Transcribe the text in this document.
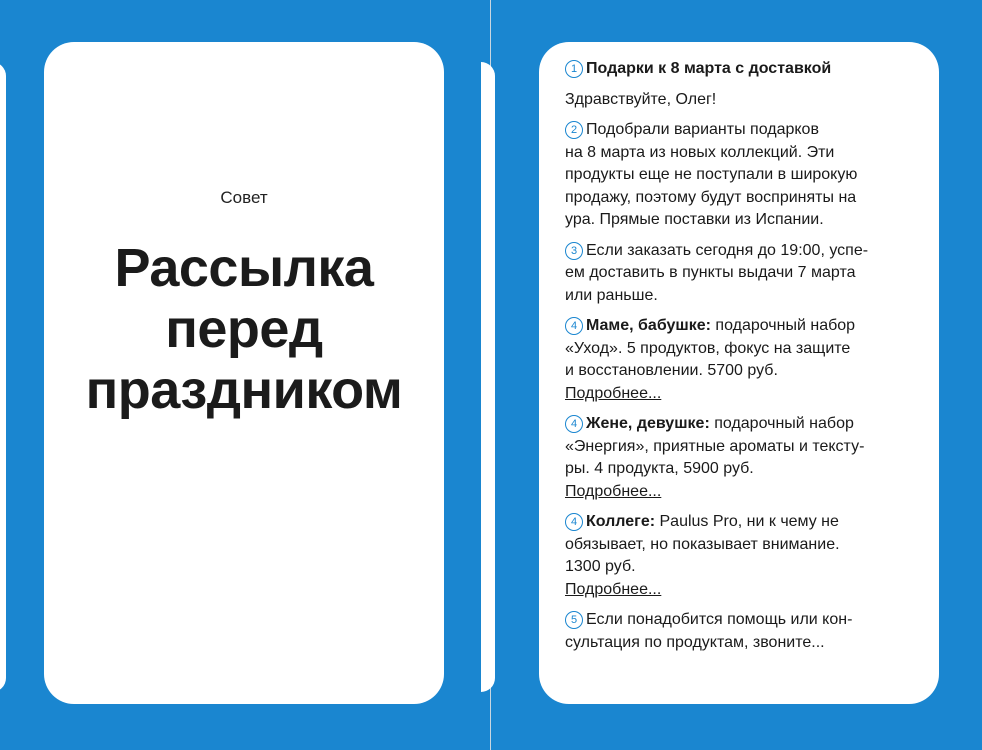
Совет
Рассылка
перед
праздником
1 Подарки к 8 марта с доставкой
Здравствуйте, Олег!
2 Подобрали варианты подарков
на 8 марта из новых коллекций. Эти
продукты еще не поступали в широкую
продажу, поэтому будут восприняты на
ура. Прямые поставки из Испании.
3 Если заказать сегодня до 19:00, успе-
ем доставить в пункты выдачи 7 марта
или раньше.
4 Маме, бабушке: подарочный набор
«Уход». 5 продуктов, фокус на защите
и восстановлении. 5700 руб.
Подробнее...
4 Жене, девушке: подарочный набор
«Энергия», приятные ароматы и тексту-
ры. 4 продукта, 5900 руб.
Подробнее...
4 Коллеге: Paulus Pro, ни к чему не
обязывает, но показывает внимание.
1300 руб.
Подробнее...
5 Если понадобится помощь или кон-
сультация по продуктам, звоните...
